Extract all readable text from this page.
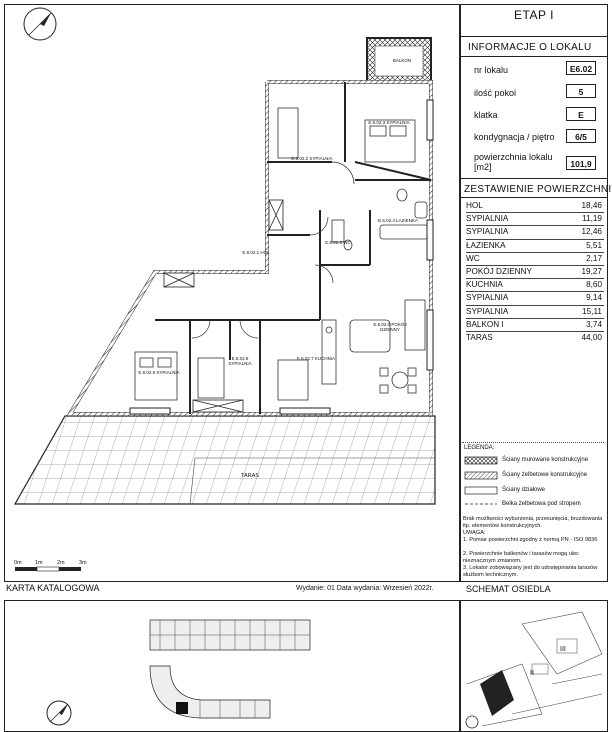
BALKON
TARAS
E.6.02.2 SYPIALNIA
E.6.02.3 SYPIALNIA
E.6.02.1 HOL
E.6.02.4 ŁAZIENKA
E.6.02.5 WC
E.6.02.6 POKÓJ DZIENNY
E.6.02.7 KUCHNIA
E.6.02.8 SYPIALNIA
E.6.02.9 SYPIALNIA
0m 1m	2m	3m
ETAP I
INFORMACJE O LOKALU
nr lokalu	E6.02
ilość pokoi	5
klatka	E
kondygnacja / piętro	6/5
powierzchnia lokalu [m2]	101,9
ZESTAWIENIE POWIERZCHNI
HOL	18,46
SYPIALNIA	11,19
SYPIALNIA	12,46
ŁAZIENKA	5,51
WC	2,17
POKÓJ DZIENNY	19,27
KUCHNIA	8,60
SYPIALNIA	9,14
SYPIALNIA	15,11
BALKON I	3,74
TARAS	44,00
LEGENDA:
Ściany murowane konstrukcyjne
Ściany żelbetowe konstrukcyjne
Ściany działowe
Belka żelbetowa pod stropem
Brak możliwości wyburzenia, przesunięcia, bruzdowania itp. elementów konstrukcyjnych.
UWAGA:
1. Pomiar powierzchni zgodny z normą PN - ISO 9836
2. Powierzchnie balkonów i tarasów mogą ulec nieznacznym zmianom.
3. Lokator zobowiązany jest do udostępniania tarasów służbom technicznym.
KARTA KATALOGOWA	Wydanie: 01 Data wydania: Wrzesień 2022r.	SCHEMAT OSIEDLA
III
II
